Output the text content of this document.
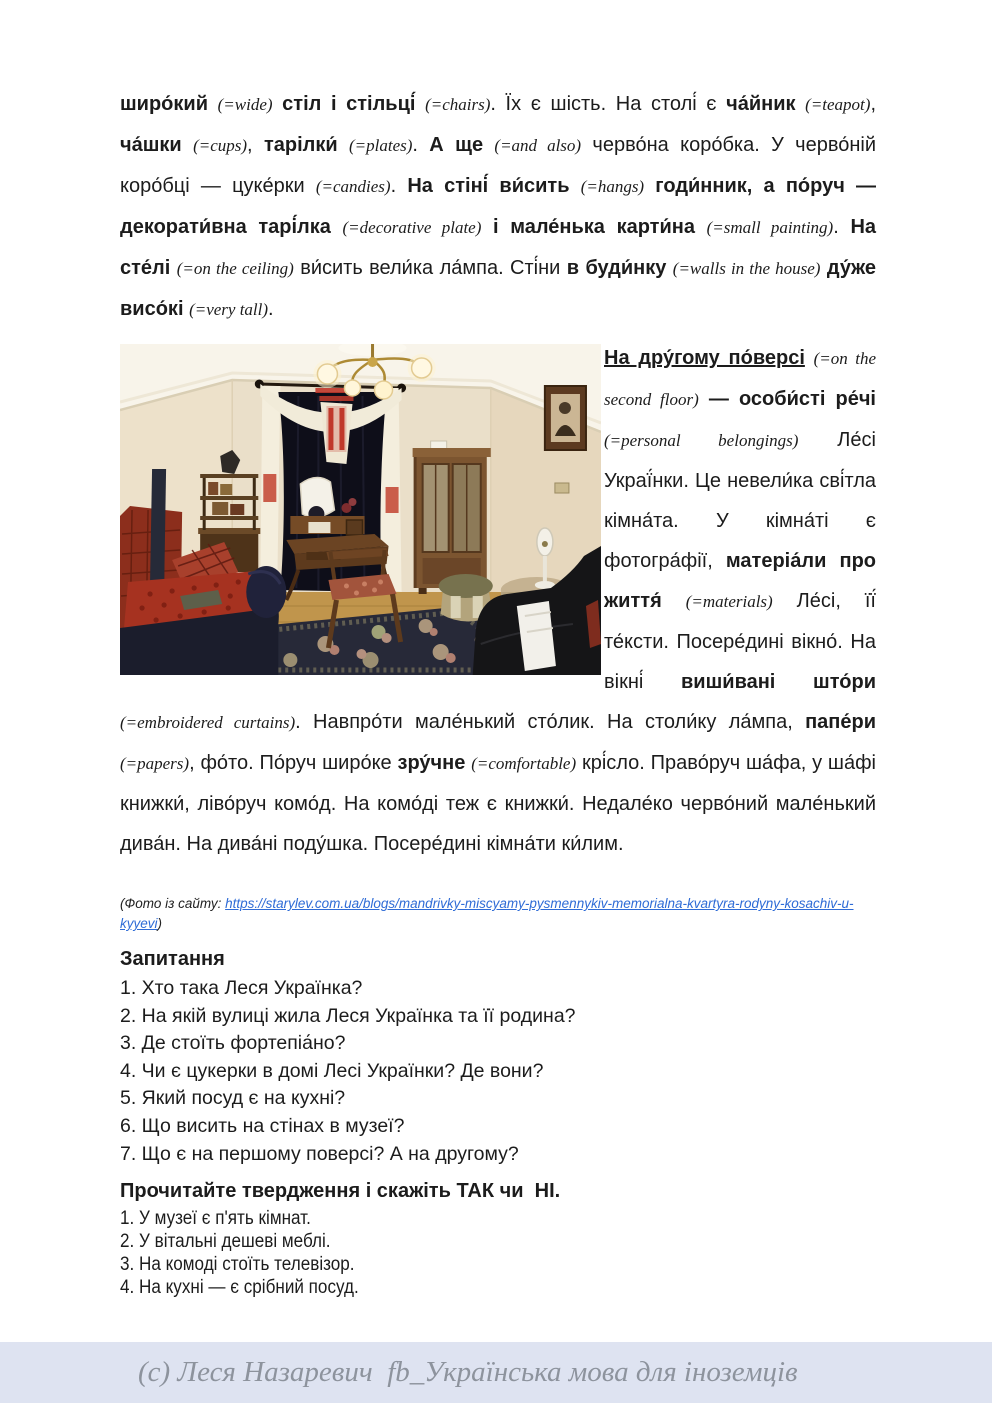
широ́кий (=wide) стіл і стільці́ (=chairs). Їх є шість. На столі́ є ча́йник (=teapot), ча́шки (=cups), тарілки́ (=plates). А ще (=and also) черво́на коро́бка. У черво́ній коро́бці — цуке́рки (=candies). На стіні́ ви́сить (=hangs) годи́нник, а по́руч — декорати́вна тарі́лка (=decorative plate) і мале́нька карти́на (=small painting). На сте́лі (=on the ceiling) ви́сить вели́ка ла́мпа. Сті́ни в буди́нку (=walls in the house) ду́же висо́кі (=very tall).
На дру́гому по́версі (=on the second floor) — особи́сті ре́чі (=personal belongings) Ле́сі Украї́нки. Це невели́ка сві́тла кімна́та. У кімна́ті є фотогра́фії, матеріа́ли про життя́ (=materials) Ле́сі, її́ те́ксти. Посере́дині вікно́. На вікні́ виши́вані што́ри (=embroidered curtains). Навпро́ти мале́нький сто́лик. На столи́ку ла́мпа, папе́ри (=papers), фо́то. По́руч широ́ке зру́чне (=comfortable) крі́сло. Право́руч ша́фа, у ша́фі книжки́, ліво́руч комо́д. На комо́ді теж є книжки́. Недале́ко черво́ний мале́нький дива́н. На дива́ні поду́шка. Посере́дині кімна́ти ки́лим.
(Фото із сайту: https://starylev.com.ua/blogs/mandrivky-miscyamy-pysmennykiv-memorialna-kvartyra-rodyny-kosachiv-u-kyyevi)
Запитання
1. Хто така Леся Українка?
2. На якій вулиці жила Леся Українка та її родина?
3. Де стоїть фортепіа́но?
4. Чи є цукерки в домі Лесі Українки? Де вони?
5. Який посуд є на кухні?
6. Що висить на стінах в музеї?
7. Що є на першому поверсі? А на другому?
Прочитайте твердження і скажіть ТАК чи  НІ.
1. У музеї є п'ять кімнат.
2. У вітальні дешеві меблі.
3. На комоді стоїть телевізор.
4. На кухні — є срібний посуд.
(с) Леся Назаревич  fb_Українська мова для іноземців
